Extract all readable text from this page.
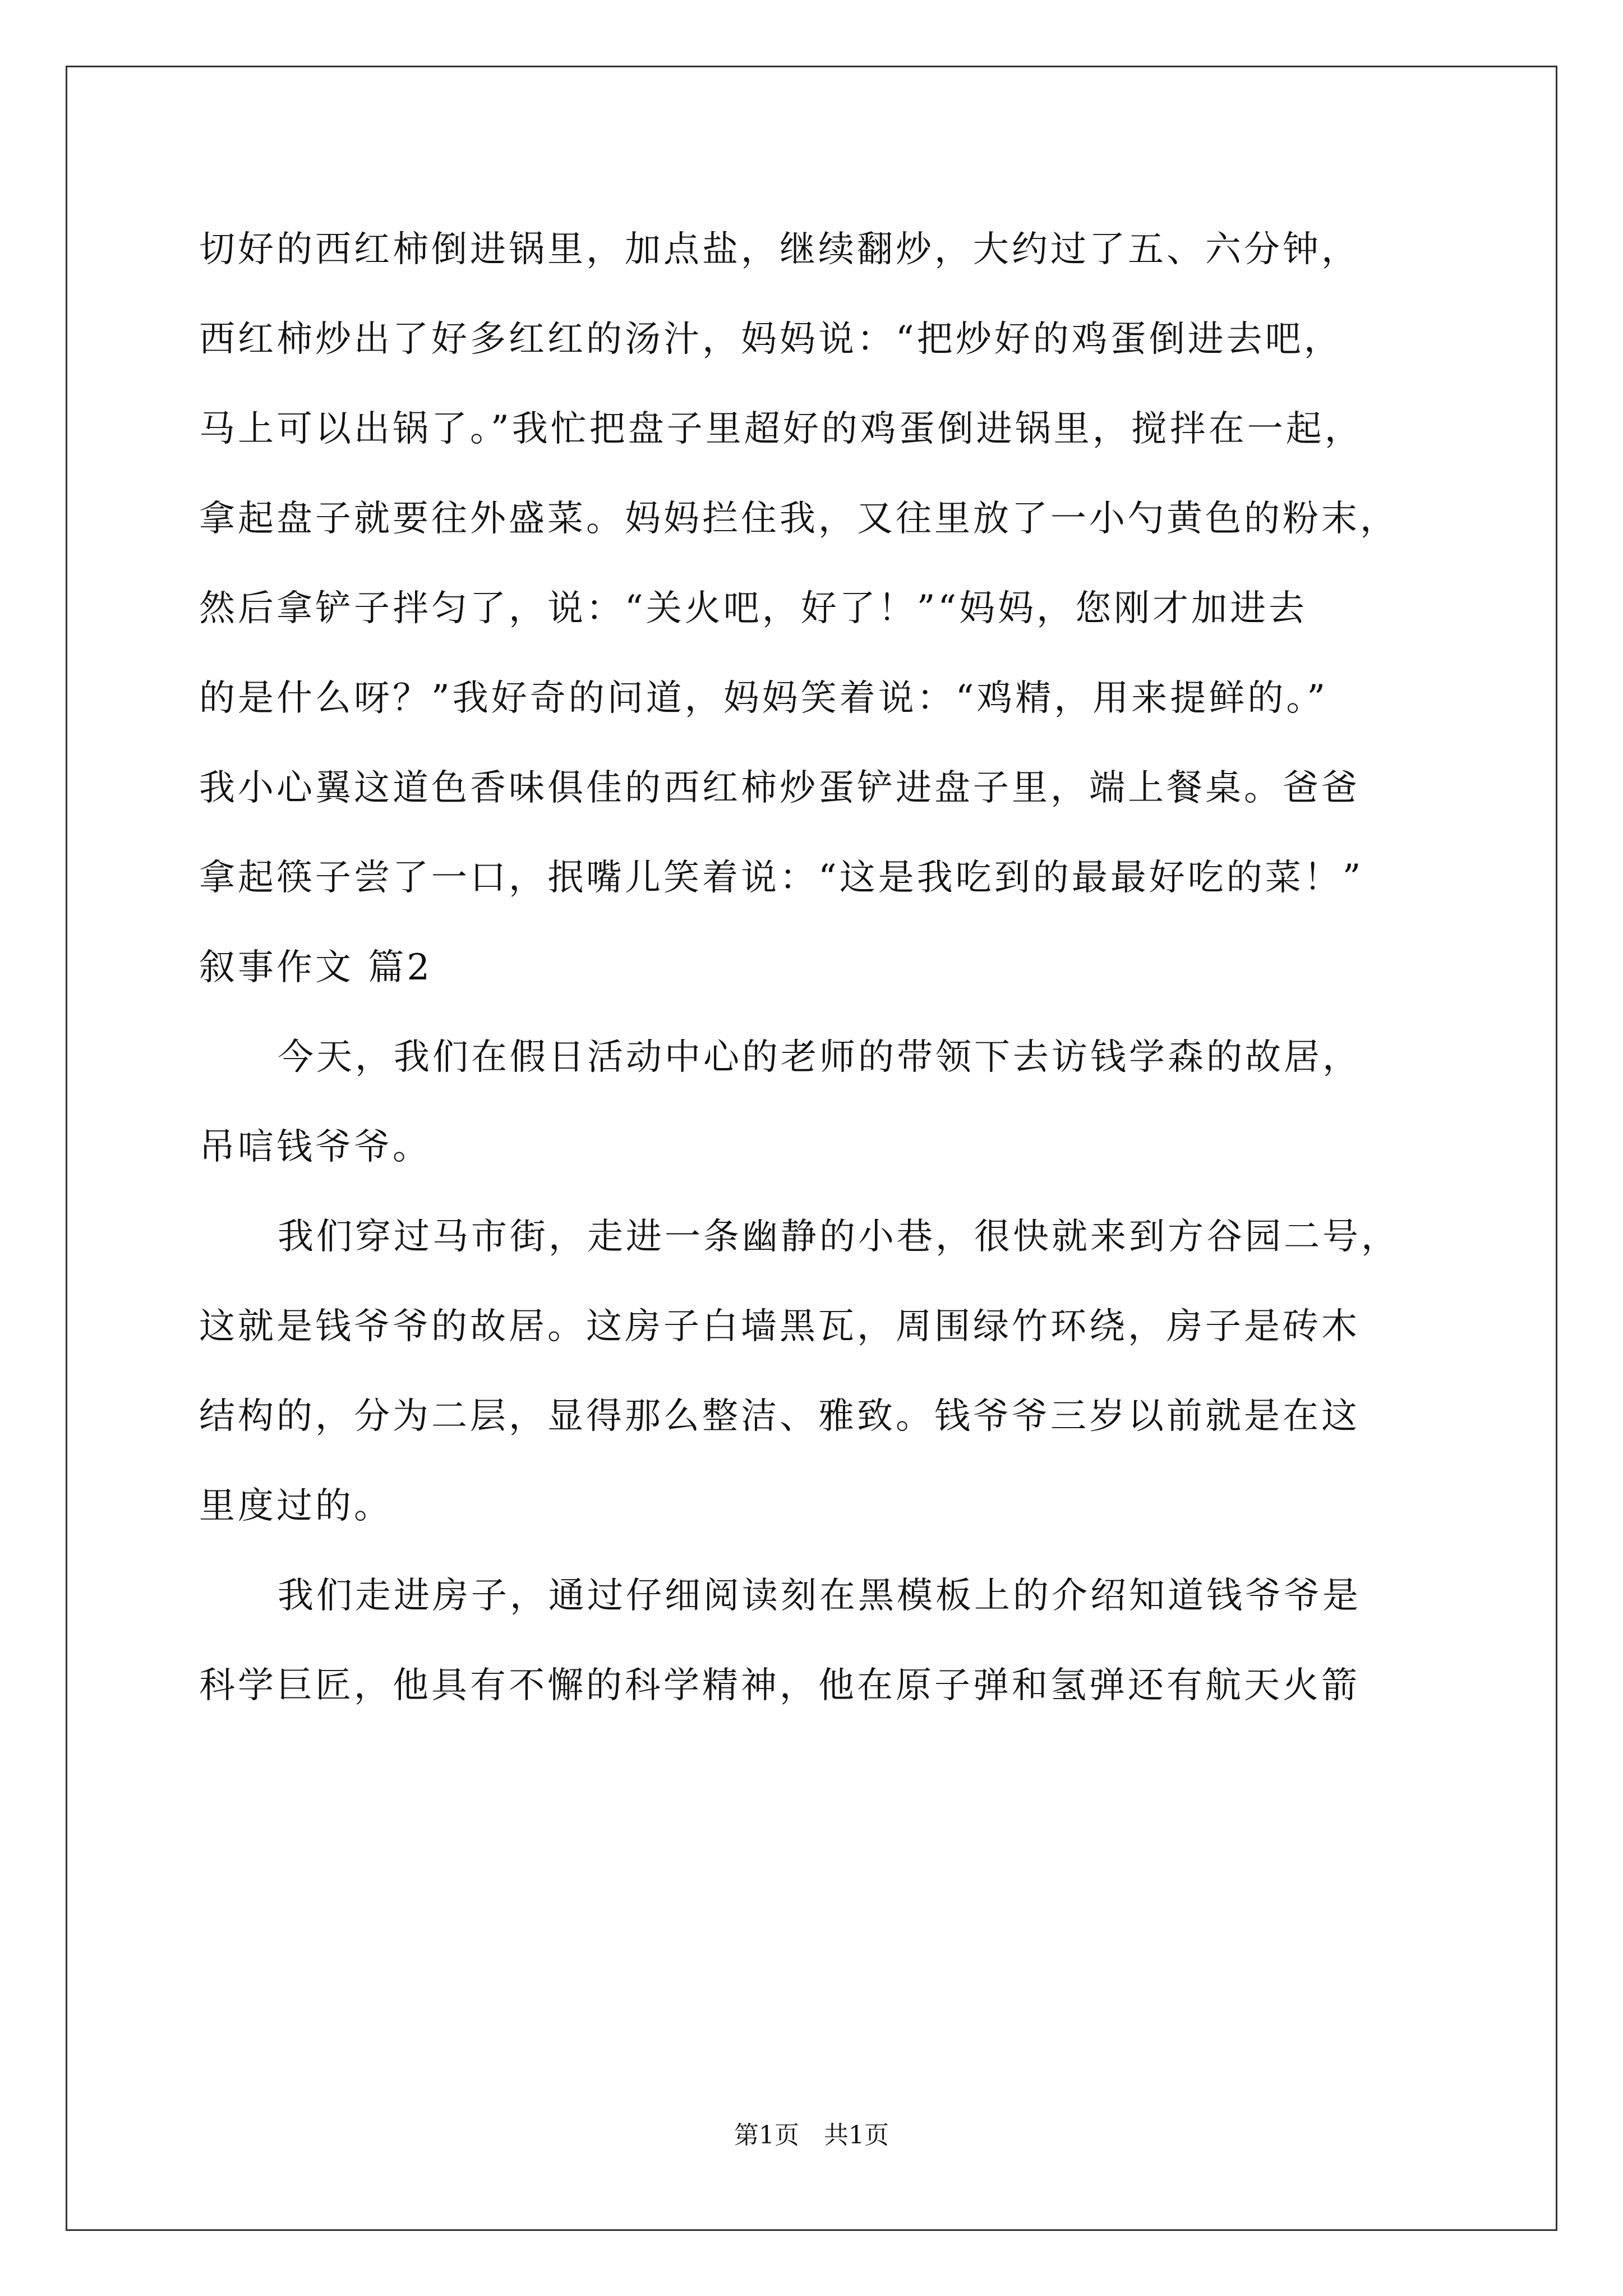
切好的西红柿倒进锅里，加点盐，继续翻炒，大约过了五、六分钟，
西红柿炒出了好多红红的汤汁，妈妈说：“把炒好的鸡蛋倒进去吧，
马上可以出锅了。”我忙把盘子里超好的鸡蛋倒进锅里，搅拌在一起，
拿起盘子就要往外盛菜。妈妈拦住我，又往里放了一小勺黄色的粉末，
然后拿铲子拌匀了，说：“关火吧，好了！”“妈妈，您刚才加进去
的是什么呀？”我好奇的问道，妈妈笑着说：“鸡精，用来提鲜的。”
我小心翼这道色香味俱佳的西红柿炒蛋铲进盘子里，端上餐桌。爸爸
拿起筷子尝了一口，抿嘴儿笑着说：“这是我吃到的最最好吃的菜！”
叙事作文 篇2
今天，我们在假日活动中心的老师的带领下去访钱学森的故居，
吊唁钱爷爷。
我们穿过马市街，走进一条幽静的小巷，很快就来到方谷园二号，
这就是钱爷爷的故居。这房子白墙黑瓦，周围绿竹环绕，房子是砖木
结构的，分为二层，显得那么整洁、雅致。钱爷爷三岁以前就是在这
里度过的。
我们走进房子，通过仔细阅读刻在黑模板上的介绍知道钱爷爷是
科学巨匠，他具有不懈的科学精神，他在原子弹和氢弹还有航天火箭
第1页　共1页
